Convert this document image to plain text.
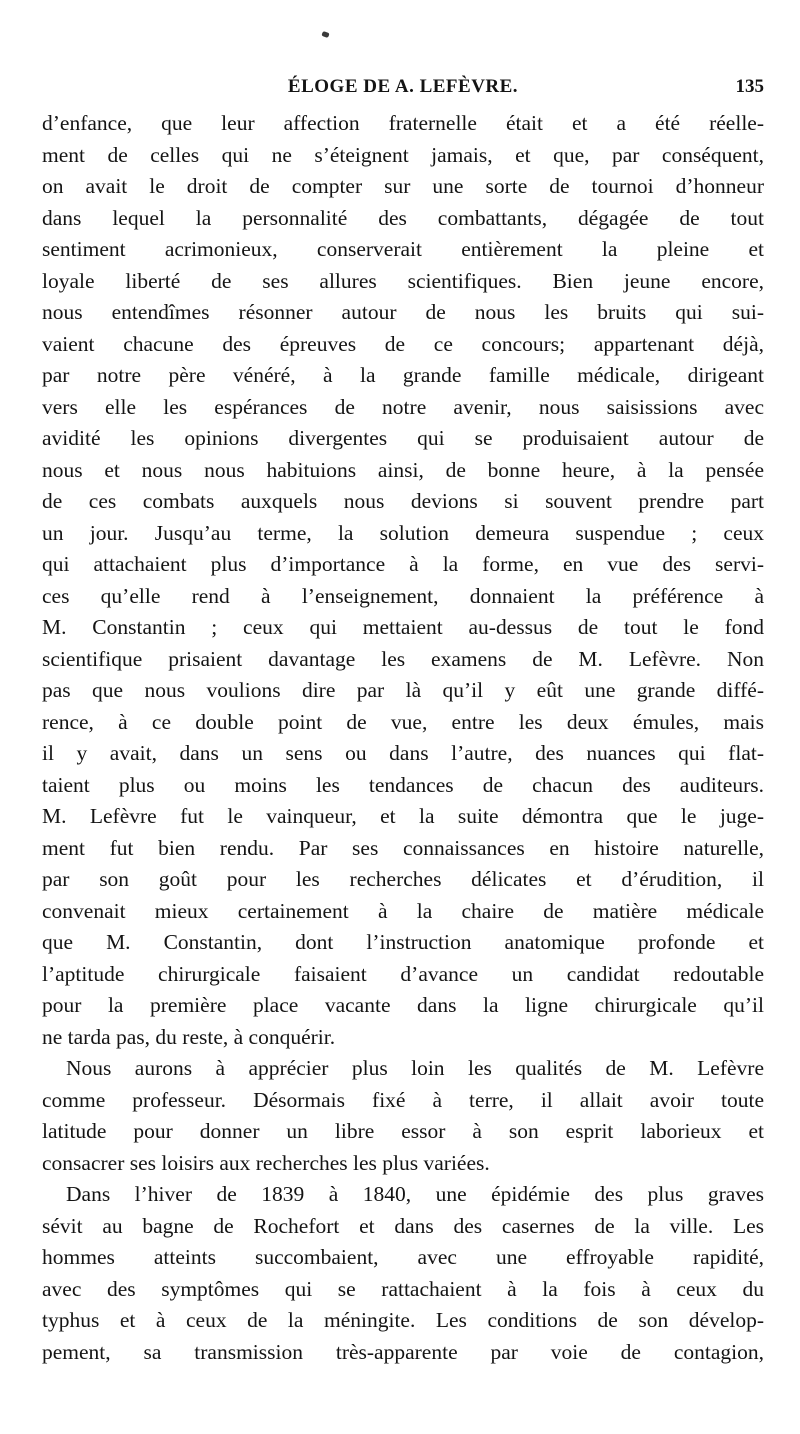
ÉLOGE DE A. LEFÈVRE.	135
d’enfance, que leur affection fraternelle était et a été réelle-
ment de celles qui ne s’éteignent jamais, et que, par conséquent,
on avait le droit de compter sur une sorte de tournoi d’honneur
dans lequel la personnalité des combattants, dégagée de tout
sentiment acrimonieux, conserverait entièrement la pleine et
loyale liberté de ses allures scientifiques. Bien jeune encore,
nous entendîmes résonner autour de nous les bruits qui sui-
vaient chacune des épreuves de ce concours; appartenant déjà,
par notre père vénéré, à la grande famille médicale, dirigeant
vers elle les espérances de notre avenir, nous saisissions avec
avidité les opinions divergentes qui se produisaient autour de
nous et nous nous habituions ainsi, de bonne heure, à la pensée
de ces combats auxquels nous devions si souvent prendre part
un jour. Jusqu’au terme, la solution demeura suspendue ; ceux
qui attachaient plus d’importance à la forme, en vue des servi-
ces qu’elle rend à l’enseignement, donnaient la préférence à
M. Constantin ; ceux qui mettaient au-dessus de tout le fond
scientifique prisaient davantage les examens de M. Lefèvre. Non
pas que nous voulions dire par là qu’il y eût une grande diffé-
rence, à ce double point de vue, entre les deux émules, mais
il y avait, dans un sens ou dans l’autre, des nuances qui flat-
taient plus ou moins les tendances de chacun des auditeurs.
M. Lefèvre fut le vainqueur, et la suite démontra que le juge-
ment fut bien rendu. Par ses connaissances en histoire naturelle,
par son goût pour les recherches délicates et d’érudition, il
convenait mieux certainement à la chaire de matière médicale
que M. Constantin, dont l’instruction anatomique profonde et
l’aptitude chirurgicale faisaient d’avance un candidat redoutable
pour la première place vacante dans la ligne chirurgicale qu’il
ne tarda pas, du reste, à conquérir.
Nous aurons à apprécier plus loin les qualités de M. Lefèvre
comme professeur. Désormais fixé à terre, il allait avoir toute
latitude pour donner un libre essor à son esprit laborieux et
consacrer ses loisirs aux recherches les plus variées.
Dans l’hiver de 1839 à 1840, une épidémie des plus graves
sévit au bagne de Rochefort et dans des casernes de la ville. Les
hommes atteints succombaient, avec une effroyable rapidité,
avec des symptômes qui se rattachaient à la fois à ceux du
typhus et à ceux de la méningite. Les conditions de son dévelop-
pement, sa transmission très-apparente par voie de contagion,
